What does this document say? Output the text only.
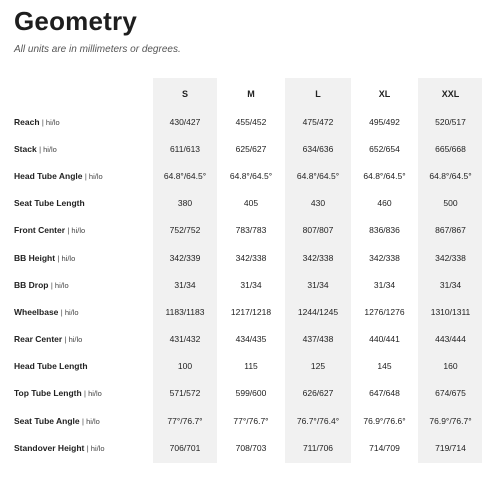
Geometry

All units are in millimeters or degrees.

	S	M	L	XL	XXL
Reach | hi/lo	430/427	455/452	475/472	495/492	520/517
Stack | hi/lo	611/613	625/627	634/636	652/654	665/668
Head Tube Angle | hi/lo	64.8°/64.5°	64.8°/64.5°	64.8°/64.5°	64.8°/64.5°	64.8°/64.5°
Seat Tube Length	380	405	430	460	500
Front Center | hi/lo	752/752	783/783	807/807	836/836	867/867
BB Height | hi/lo	342/339	342/338	342/338	342/338	342/338
BB Drop | hi/lo	31/34	31/34	31/34	31/34	31/34
Wheelbase | hi/lo	1183/1183	1217/1218	1244/1245	1276/1276	1310/1311
Rear Center | hi/lo	431/432	434/435	437/438	440/441	443/444
Head Tube Length	100	115	125	145	160
Top Tube Length | hi/lo	571/572	599/600	626/627	647/648	674/675
Seat Tube Angle | hi/lo	77°/76.7°	77°/76.7°	76.7°/76.4°	76.9°/76.6°	76.9°/76.7°
Standover Height | hi/lo	706/701	708/703	711/706	714/709	719/714
